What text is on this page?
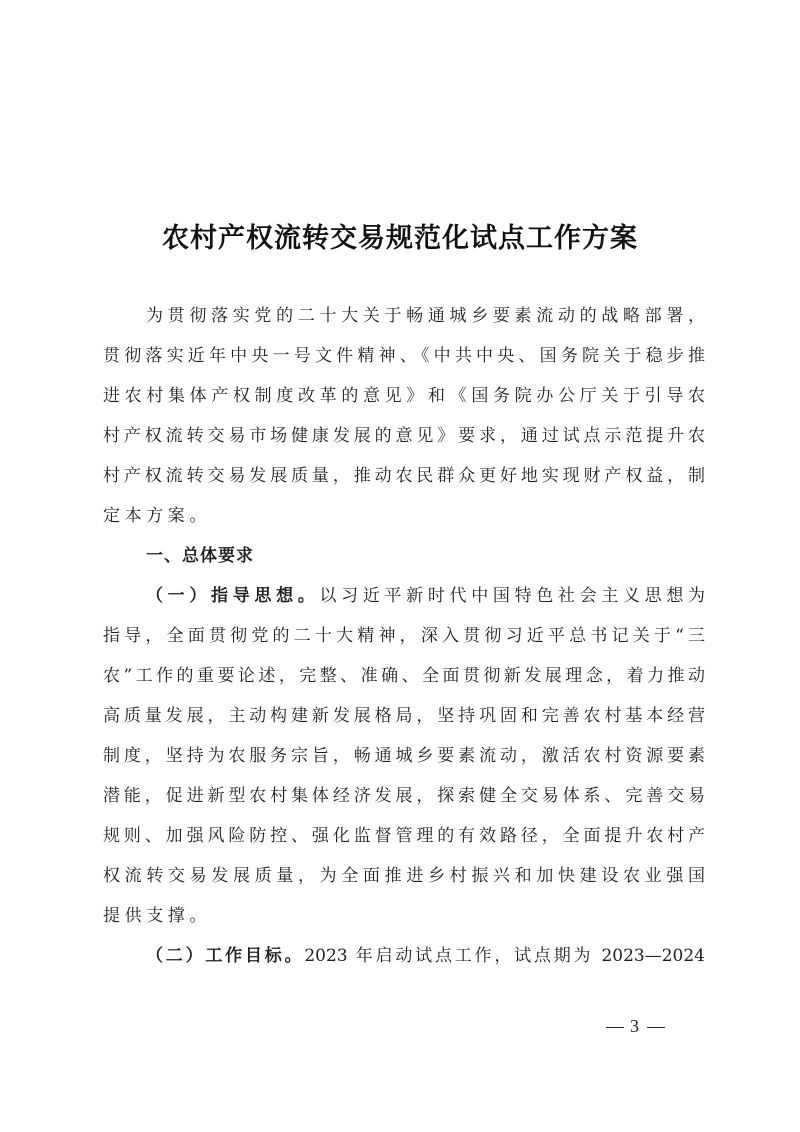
农村产权流转交易规范化试点工作方案
为贯彻落实党的二十大关于畅通城乡要素流动的战略部署，
贯彻落实近年中央一号文件精神、《中共中央、国务院关于稳步推
进农村集体产权制度改革的意见》和《国务院办公厅关于引导农
村产权流转交易市场健康发展的意见》要求，通过试点示范提升农
村产权流转交易发展质量，推动农民群众更好地实现财产权益，制
定本方案。
一、总体要求
（一）指导思想。以习近平新时代中国特色社会主义思想为
指导，全面贯彻党的二十大精神，深入贯彻习近平总书记关于“三
农”工作的重要论述，完整、准确、全面贯彻新发展理念，着力推动
高质量发展，主动构建新发展格局，坚持巩固和完善农村基本经营
制度，坚持为农服务宗旨，畅通城乡要素流动，激活农村资源要素
潜能，促进新型农村集体经济发展，探索健全交易体系、完善交易
规则、加强风险防控、强化监督管理的有效路径，全面提升农村产
权流转交易发展质量，为全面推进乡村振兴和加快建设农业强国
提供支撑。
（二）工作目标。2023 年启动试点工作，试点期为 2023—2024
3
